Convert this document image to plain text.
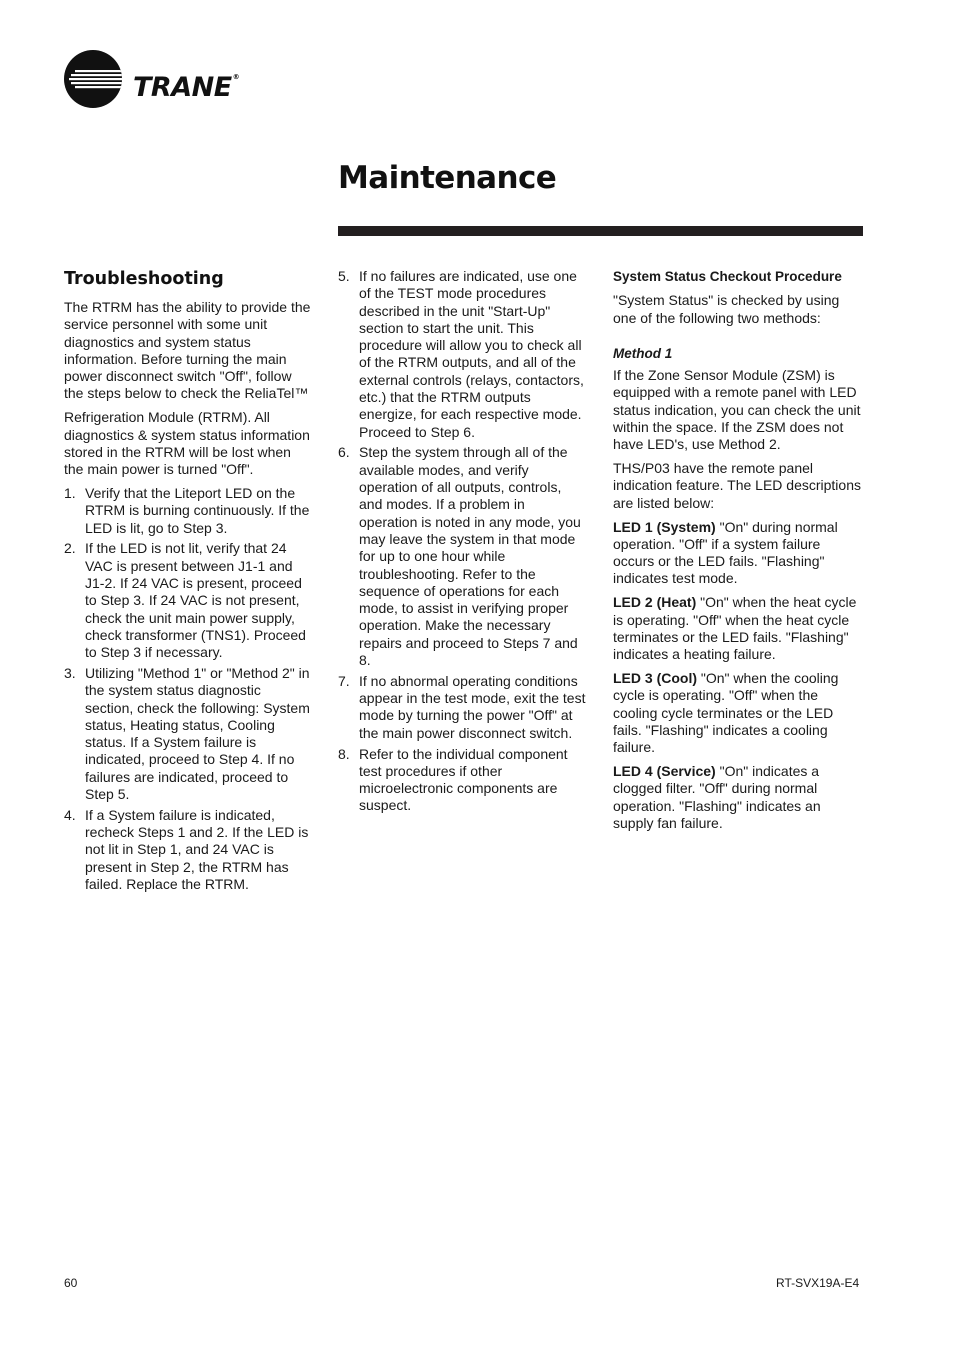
TRANE®
Maintenance
Troubleshooting

The RTRM has the ability to provide the service personnel with some unit diagnostics and system status information. Before turning the main power disconnect switch "Off", follow the steps below to check the ReliaTel™

Refrigeration Module (RTRM). All diagnostics & system status information stored in the RTRM will be lost when the main power is turned "Off".

1. Verify that the Liteport LED on the RTRM is burning continuously. If the LED is lit, go to Step 3.
2. If the LED is not lit, verify that 24 VAC is present between J1-1 and J1-2. If 24 VAC is present, proceed to Step 3. If 24 VAC is not present, check the unit main power supply, check transformer (TNS1). Proceed to Step 3 if necessary.
3. Utilizing "Method 1" or "Method 2" in the system status diagnostic section, check the following: System status, Heating status, Cooling status. If a System failure is indicated, proceed to Step 4. If no failures are indicated, proceed to Step 5.
4. If a System failure is indicated, recheck Steps 1 and 2. If the LED is not lit in Step 1, and 24 VAC is present in Step 2, the RTRM has failed. Replace the RTRM.
5. If no failures are indicated, use one of the TEST mode procedures described in the unit "Start-Up" section to start the unit. This procedure will allow you to check all of the RTRM outputs, and all of the external controls (relays, contactors, etc.) that the RTRM outputs energize, for each respective mode. Proceed to Step 6.
6. Step the system through all of the available modes, and verify operation of all outputs, controls, and modes. If a problem in operation is noted in any mode, you may leave the system in that mode for up to one hour while troubleshooting. Refer to the sequence of operations for each mode, to assist in verifying proper operation. Make the necessary repairs and proceed to Steps 7 and 8.
7. If no abnormal operating conditions appear in the test mode, exit the test mode by turning the power "Off" at the main power disconnect switch.
8. Refer to the individual component test procedures if other microelectronic components are suspect.
System Status Checkout Procedure

"System Status" is checked by using one of the following two methods:

Method 1

If the Zone Sensor Module (ZSM) is equipped with a remote panel with LED status indication, you can check the unit within the space. If the ZSM does not have LED's, use Method 2.

THS/P03 have the remote panel indication feature. The LED descriptions are listed below:

LED 1 (System) "On" during normal operation. "Off" if a system failure occurs or the LED fails. "Flashing" indicates test mode.

LED 2 (Heat) "On" when the heat cycle is operating. "Off" when the heat cycle terminates or the LED fails. "Flashing" indicates a heating failure.

LED 3 (Cool) "On" when the cooling cycle is operating. "Off" when the cooling cycle terminates or the LED fails. "Flashing" indicates a cooling failure.

LED 4 (Service) "On" indicates a clogged filter. "Off" during normal operation. "Flashing" indicates an supply fan failure.

60	RT-SVX19A-E4
